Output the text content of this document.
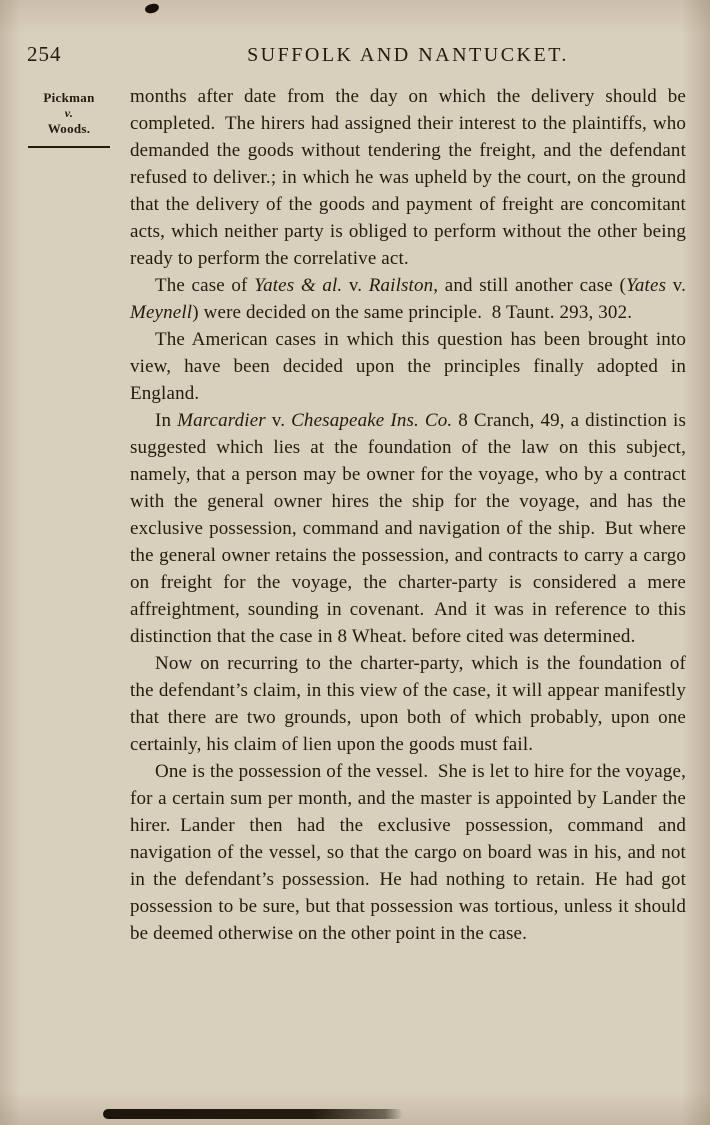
254	SUFFOLK AND NANTUCKET.
Pickman
v.
Woods.

months after date from the day on which the delivery should be completed. The hirers had assigned their interest to the plaintiffs, who demanded the goods without tendering the freight, and the defendant refused to deliver.; in which he was upheld by the court, on the ground that the delivery of the goods and payment of freight are concomitant acts, which neither party is obliged to perform without the other being ready to perform the correlative act.

The case of Yates & al. v. Railston, and still another case (Yates v. Meynell) were decided on the same principle. 8 Taunt. 293, 302.

The American cases in which this question has been brought into view, have been decided upon the principles finally adopted in England.

In Marcardier v. Chesapeake Ins. Co. 8 Cranch, 49, a distinction is suggested which lies at the foundation of the law on this subject, namely, that a person may be owner for the voyage, who by a contract with the general owner hires the ship for the voyage, and has the exclusive possession, command and navigation of the ship. But where the general owner retains the possession, and contracts to carry a cargo on freight for the voyage, the charter-party is considered a mere affreightment, sounding in covenant. And it was in reference to this distinction that the case in 8 Wheat. before cited was determined.

Now on recurring to the charter-party, which is the foundation of the defendant’s claim, in this view of the case, it will appear manifestly that there are two grounds, upon both of which probably, upon one certainly, his claim of lien upon the goods must fail.

One is the possession of the vessel. She is let to hire for the voyage, for a certain sum per month, and the master is appointed by Lander the hirer. Lander then had the exclusive possession, command and navigation of the vessel, so that the cargo on board was in his, and not in the defendant’s possession. He had nothing to retain. He had got possession to be sure, but that possession was tortious, unless it should be deemed otherwise on the other point in the case.
